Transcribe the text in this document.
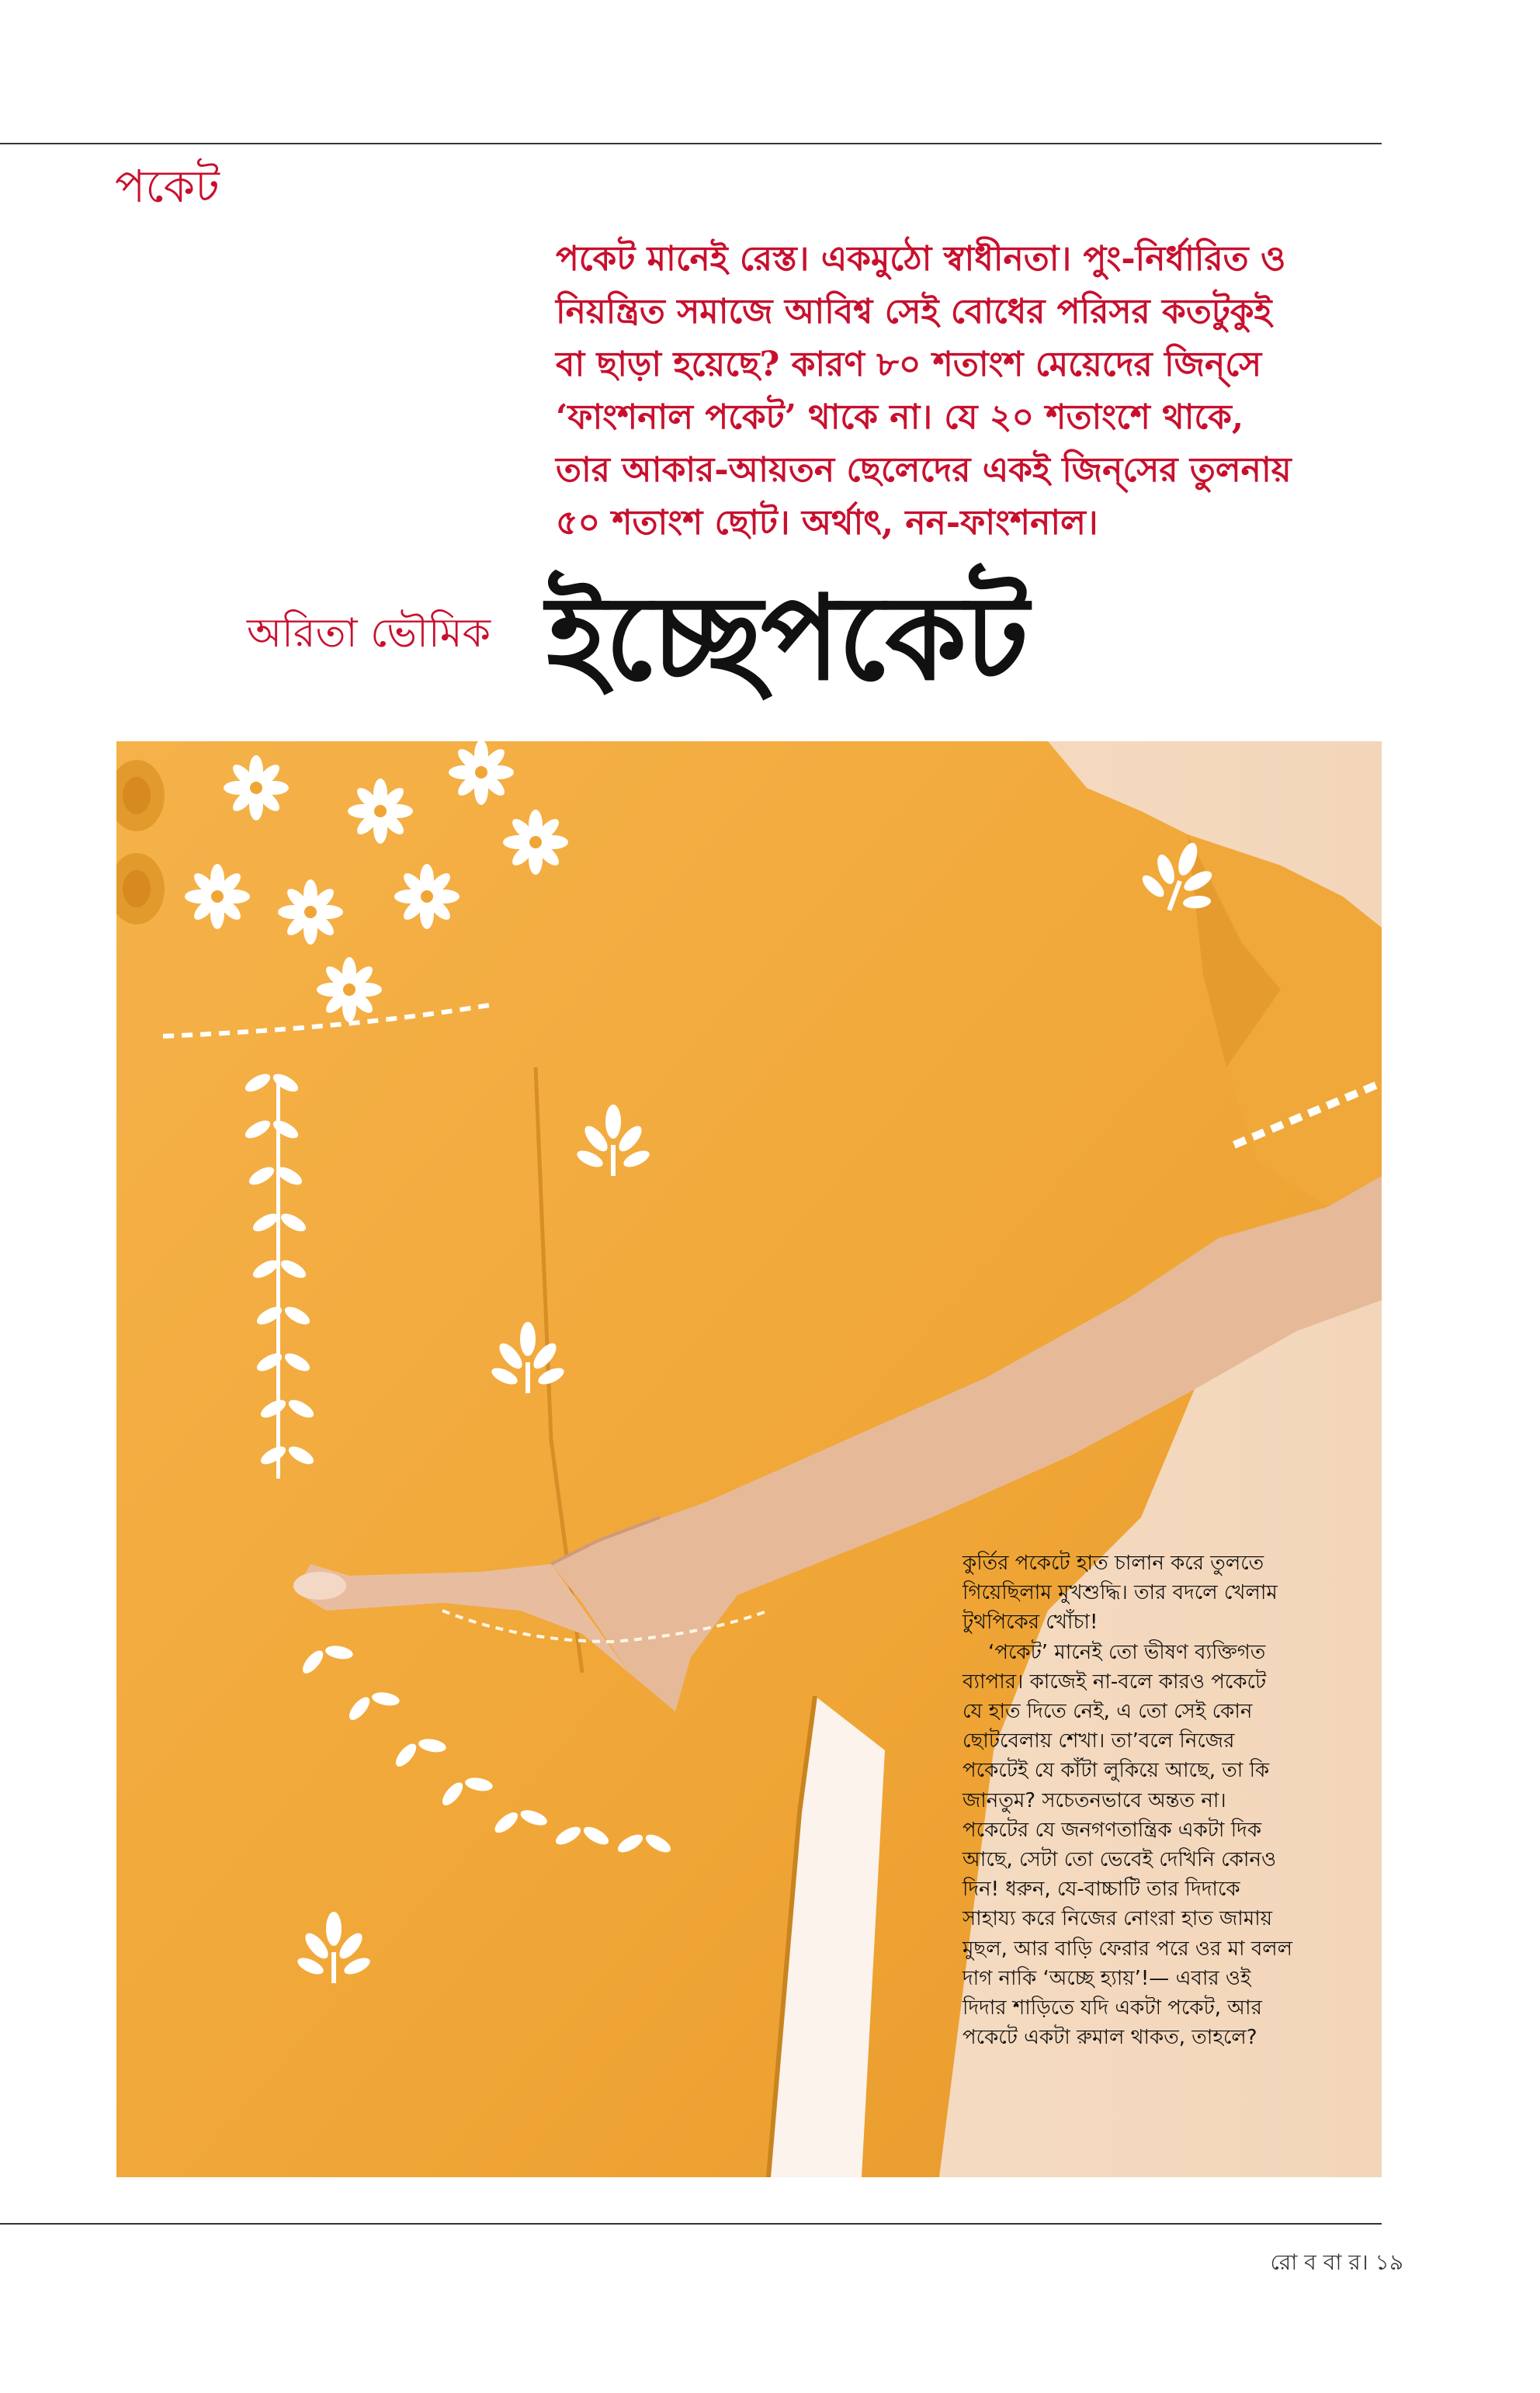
পকেট

পকেট মানেই রেস্ত। একমুঠো স্বাধীনতা। পুং-নির্ধারিত ও

নিয়ন্ত্রিত সমাজে আবিশ্ব সেই বোধের পরিসর কতটুকুই

বা ছাড়া হয়েছে? কারণ ৮০ শতাংশ মেয়েদের জিন্‌সে

‘ফাংশনাল পকেট’ থাকে না। যে ২০ শতাংশে থাকে,

তার আকার-আয়তন ছেলেদের একই জিন্‌সের তুলনায়

৫০ শতাংশ ছোট। অর্থাৎ, নন-ফাংশনাল।

অরিতা ভৌমিক ইচ্ছেপকেট

কুর্তির পকেটে হাত চালান করে তুলতে

গিয়েছিলাম মুখশুদ্ধি। তার বদলে খেলাম

টুথপিকের খোঁচা!

‘পকেট’ মানেই তো ভীষণ ব্যক্তিগত

ব্যাপার। কাজেই না-বলে কারও পকেটে

যে হাত দিতে নেই, এ তো সেই কোন

ছোটবেলায় শেখা। তা’বলে নিজের

পকেটেই যে কাঁটা লুকিয়ে আছে, তা কি

জানতুম? সচেতনভাবে অন্তত না।

পকেটের যে জনগণতান্ত্রিক একটা দিক

আছে, সেটা তো ভেবেই দেখিনি কোনও

দিন! ধরুন, যে-বাচ্চাটি তার দিদাকে

সাহায্য করে নিজের নোংরা হাত জামায়

মুছল, আর বাড়ি ফেরার পরে ওর মা বলল

দাগ নাকি ‘অচ্ছে হ্যায়’!— এবার ওই

দিদার শাড়িতে যদি একটা পকেট, আর

পকেটে একটা রুমাল থাকত, তাহলে?

রো ব বা র। ১৯
